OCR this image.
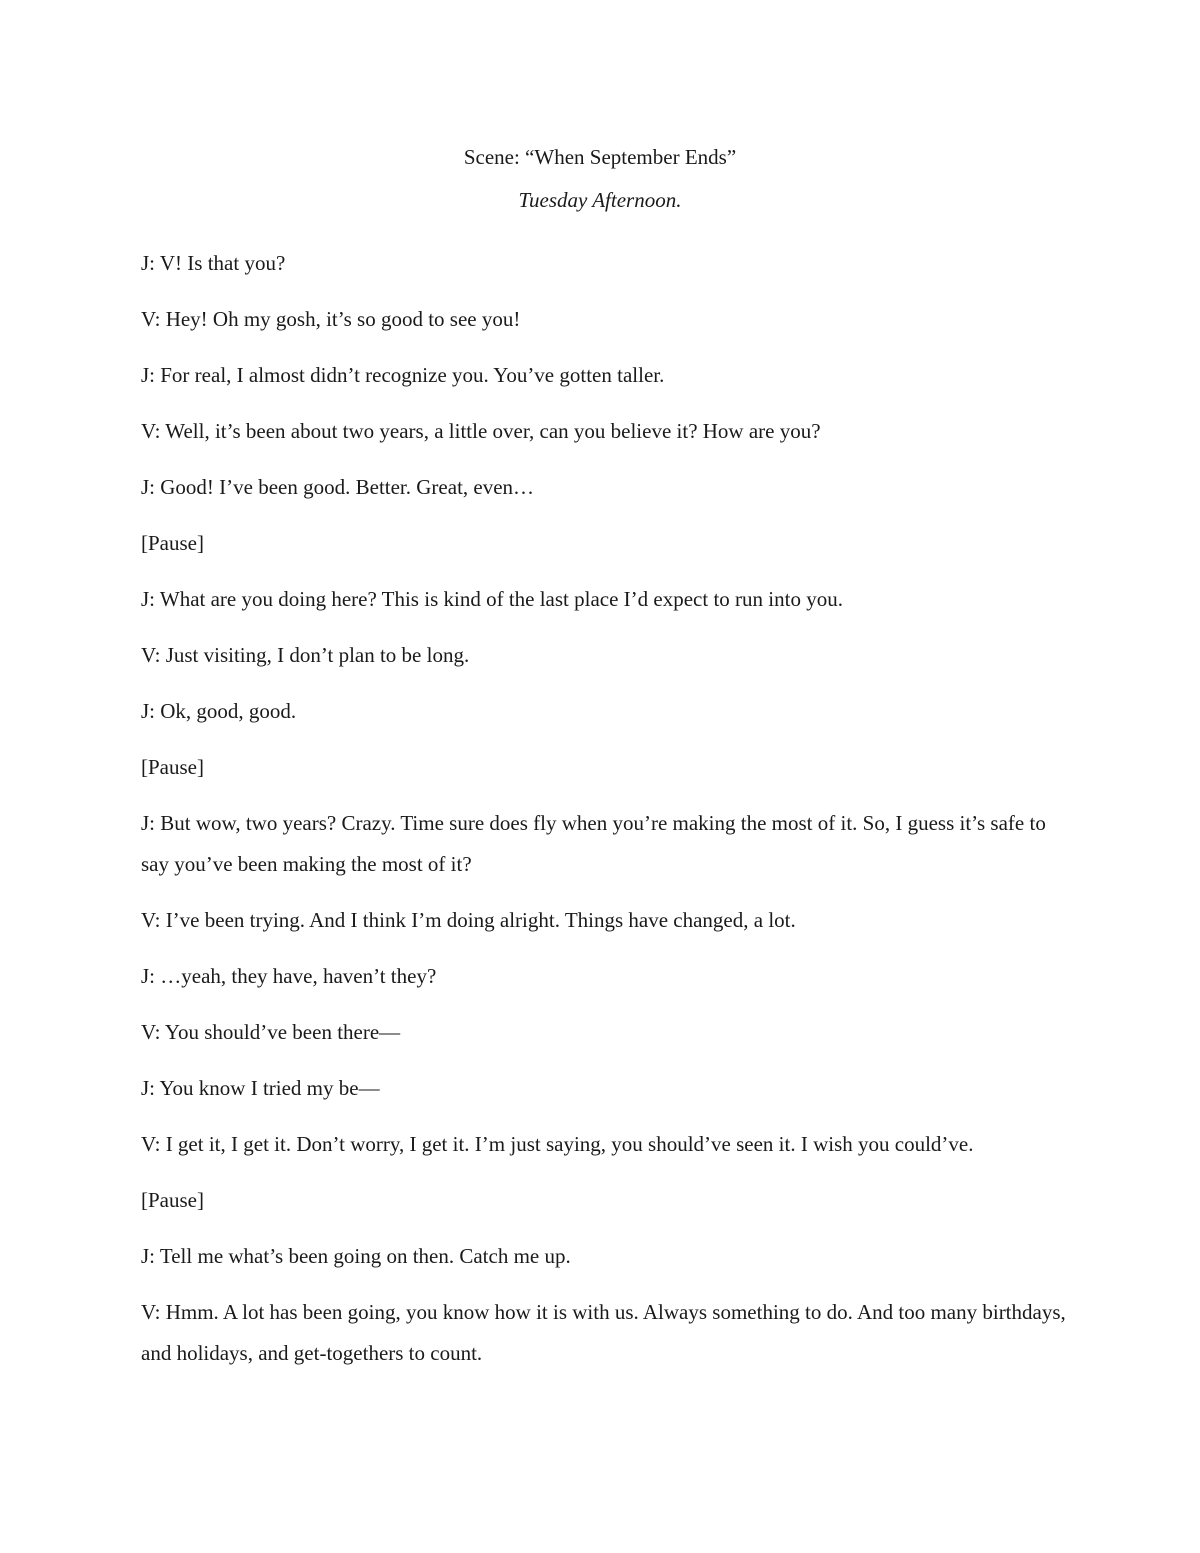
Scene: “When September Ends”

Tuesday Afternoon.

J: V! Is that you?

V: Hey! Oh my gosh, it’s so good to see you!

J: For real, I almost didn’t recognize you. You’ve gotten taller.

V: Well, it’s been about two years, a little over, can you believe it? How are you?

J: Good! I’ve been good. Better. Great, even…

[Pause]

J: What are you doing here? This is kind of the last place I’d expect to run into you.

V: Just visiting, I don’t plan to be long.

J: Ok, good, good.

[Pause]

J: But wow, two years? Crazy. Time sure does fly when you’re making the most of it. So, I guess it’s safe to say you’ve been making the most of it?

V: I’ve been trying. And I think I’m doing alright. Things have changed, a lot.

J: …yeah, they have, haven’t they?

V: You should’ve been there—

J: You know I tried my be—

V: I get it, I get it. Don’t worry, I get it. I’m just saying, you should’ve seen it. I wish you could’ve.

[Pause]

J: Tell me what’s been going on then. Catch me up.

V: Hmm. A lot has been going, you know how it is with us. Always something to do. And too many birthdays, and holidays, and get-togethers to count.
